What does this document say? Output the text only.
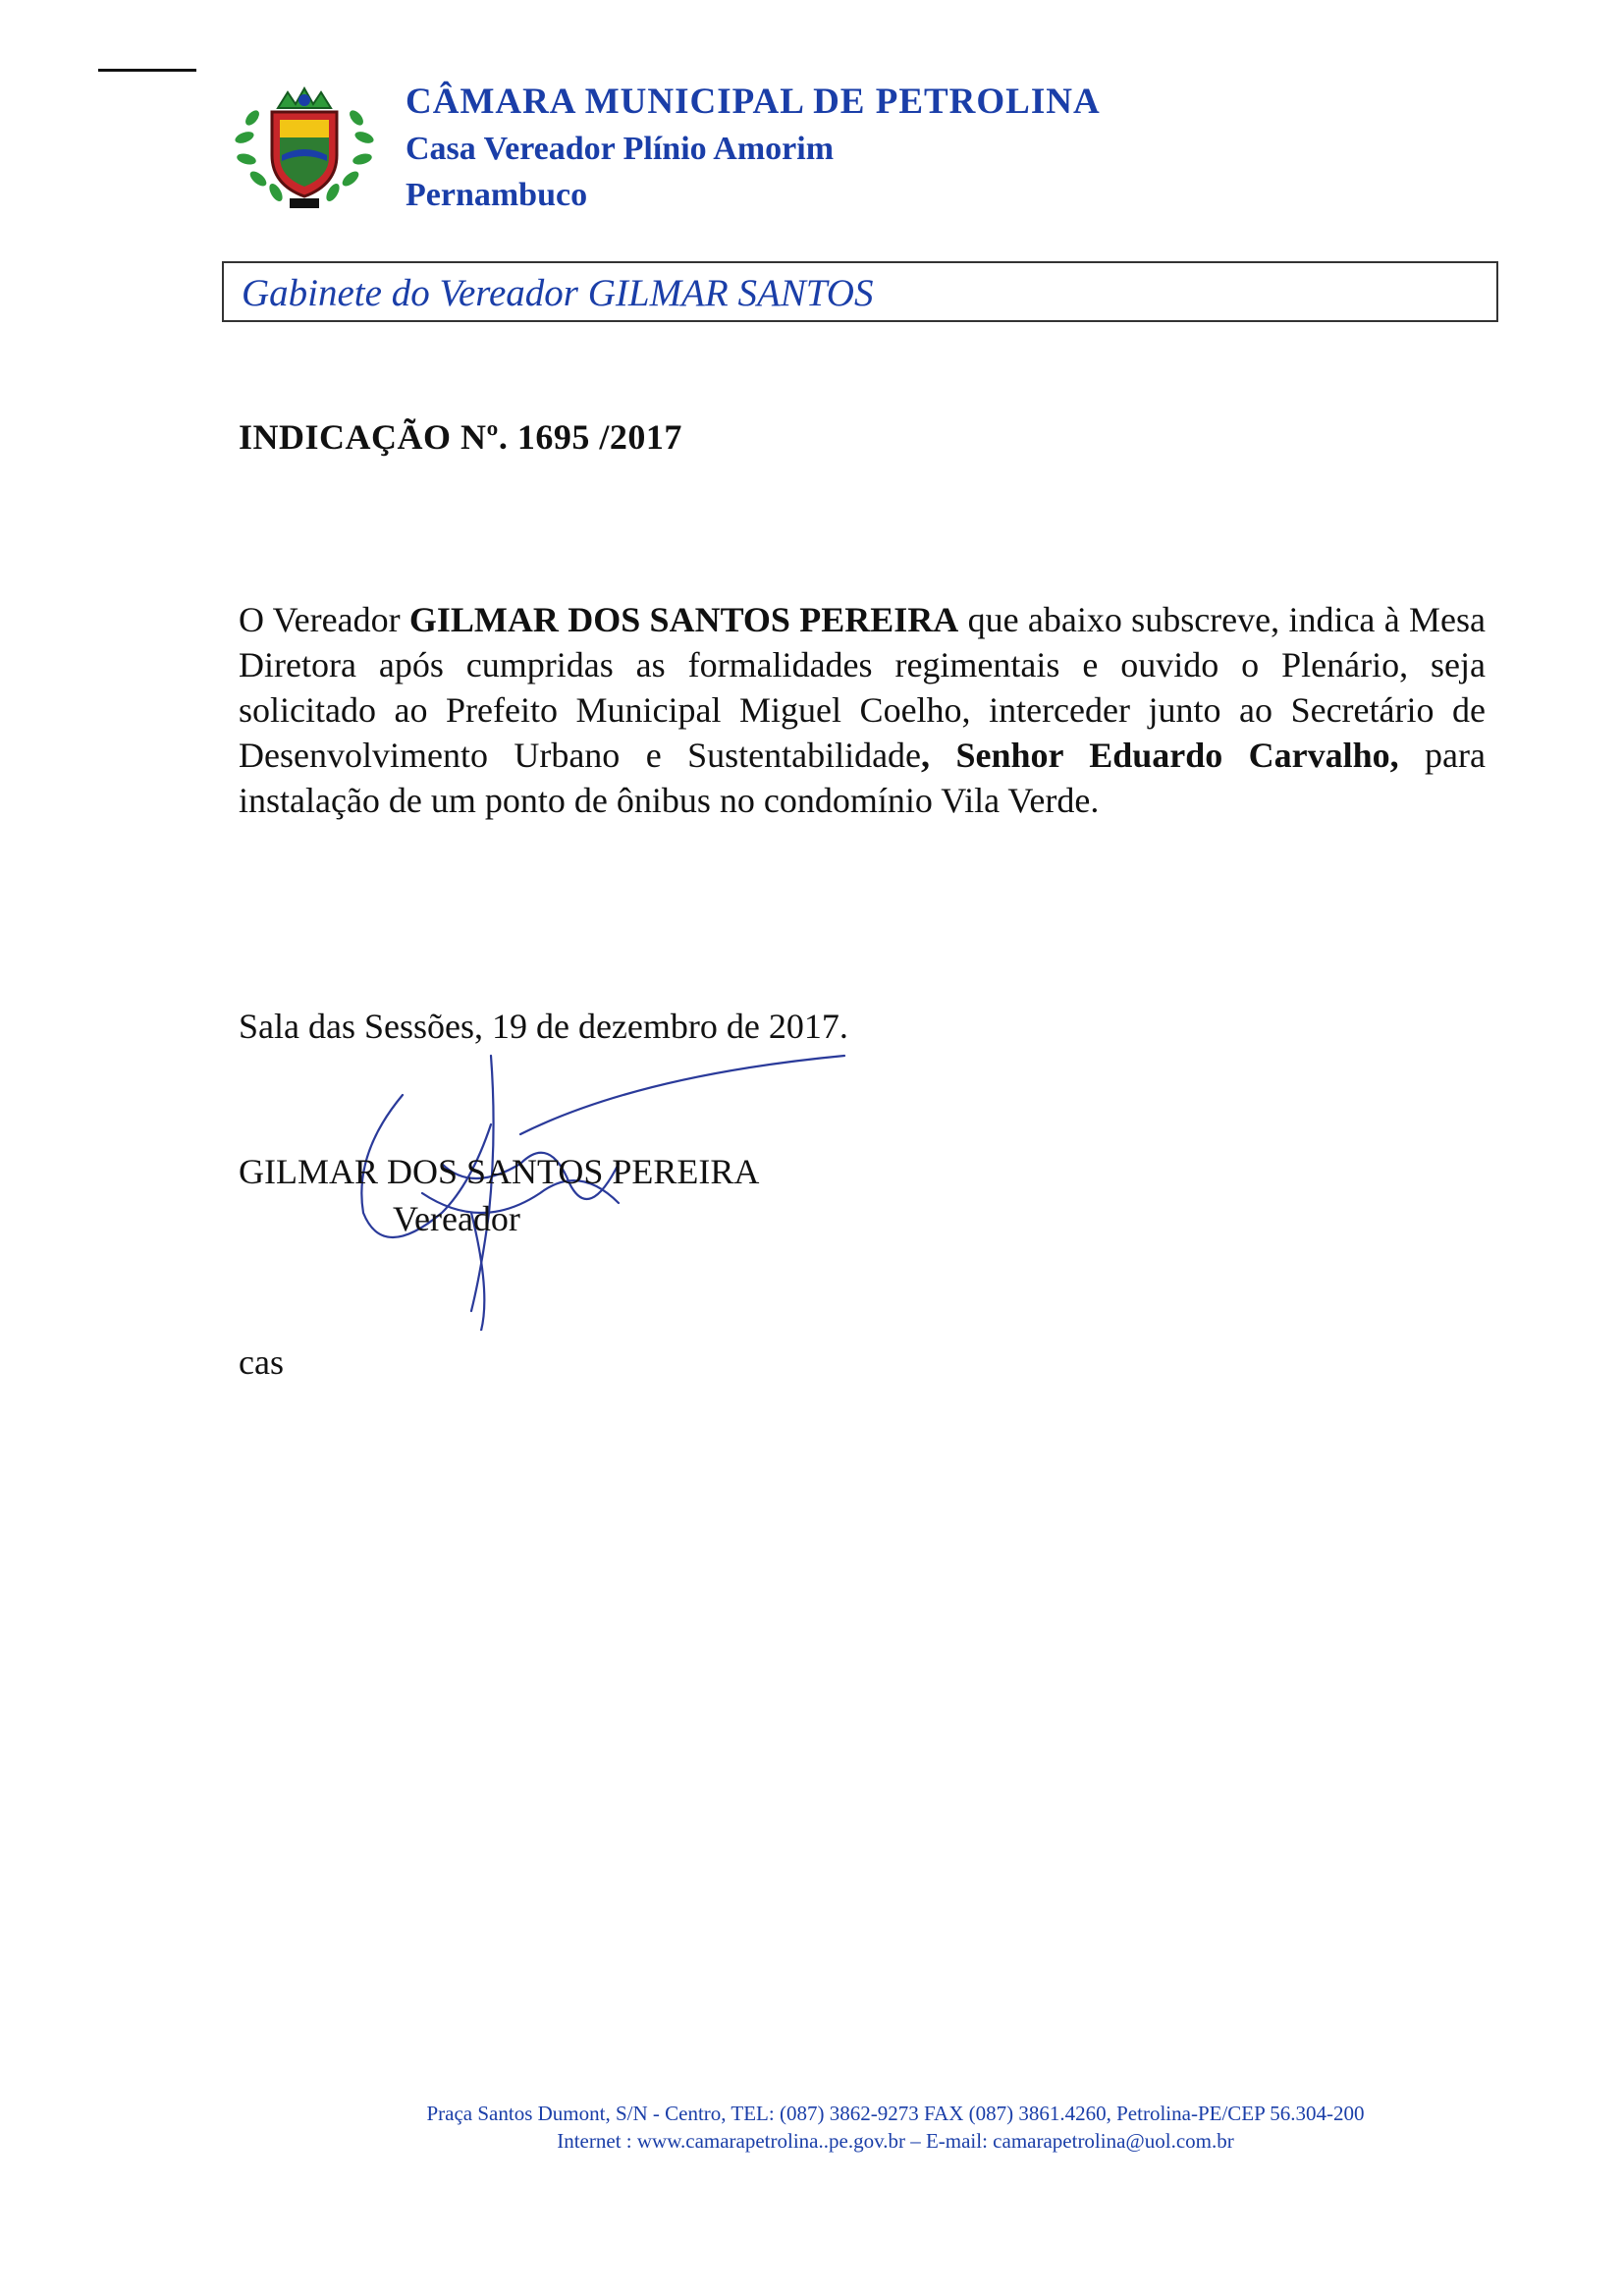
CÂMARA MUNICIPAL DE PETROLINA
Casa Vereador Plínio Amorim
Pernambuco
Gabinete do Vereador GILMAR SANTOS
INDICAÇÃO Nº. 1695 /2017
O Vereador GILMAR DOS SANTOS PEREIRA que abaixo subscreve, indica à Mesa Diretora após cumpridas as formalidades regimentais e ouvido o Plenário, seja solicitado ao Prefeito Municipal Miguel Coelho, interceder junto ao Secretário de Desenvolvimento Urbano e Sustentabilidade, Senhor Eduardo Carvalho, para instalação de um ponto de ônibus no condomínio Vila Verde.
Sala das Sessões, 19 de dezembro de 2017.
GILMAR DOS SANTOS PEREIRA
Vereador
cas
Praça Santos Dumont, S/N - Centro, TEL: (087) 3862-9273 FAX (087) 3861.4260, Petrolina-PE/CEP 56.304-200
Internet : www.camarapetrolina..pe.gov.br – E-mail: camarapetrolina@uol.com.br
